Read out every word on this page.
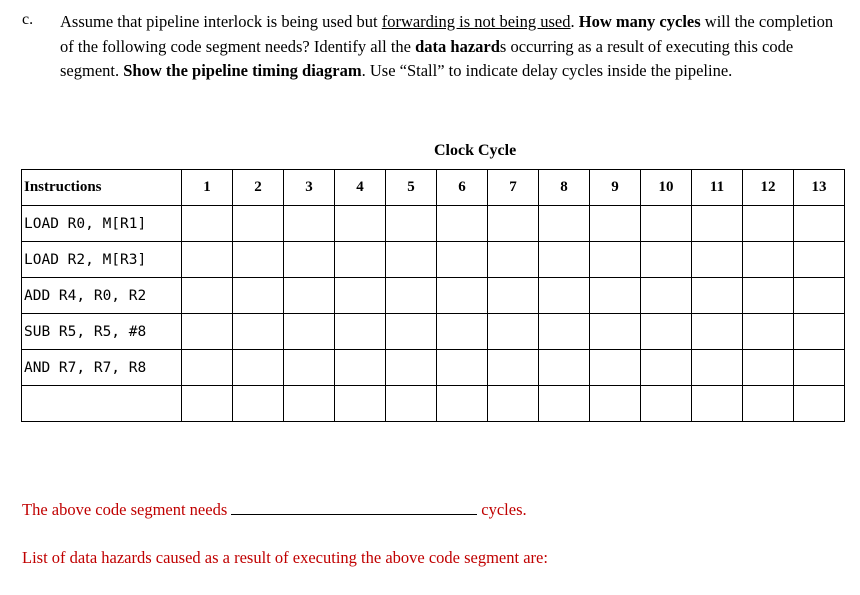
c. Assume that pipeline interlock is being used but forwarding is not being used. How many cycles will the completion of the following code segment needs? Identify all the data hazards occurring as a result of executing this code segment. Show the pipeline timing diagram. Use “Stall” to indicate delay cycles inside the pipeline.
Clock Cycle
Instructions	1	2	3	4	5	6	7	8	9	10	11	12	13
LOAD R0, M[R1]													
LOAD R2, M[R3]													
ADD R4, R0, R2													
SUB R5, R5, #8													
AND R7, R7, R8													

The above code segment needs	cycles.
List of data hazards caused as a result of executing the above code segment are:
